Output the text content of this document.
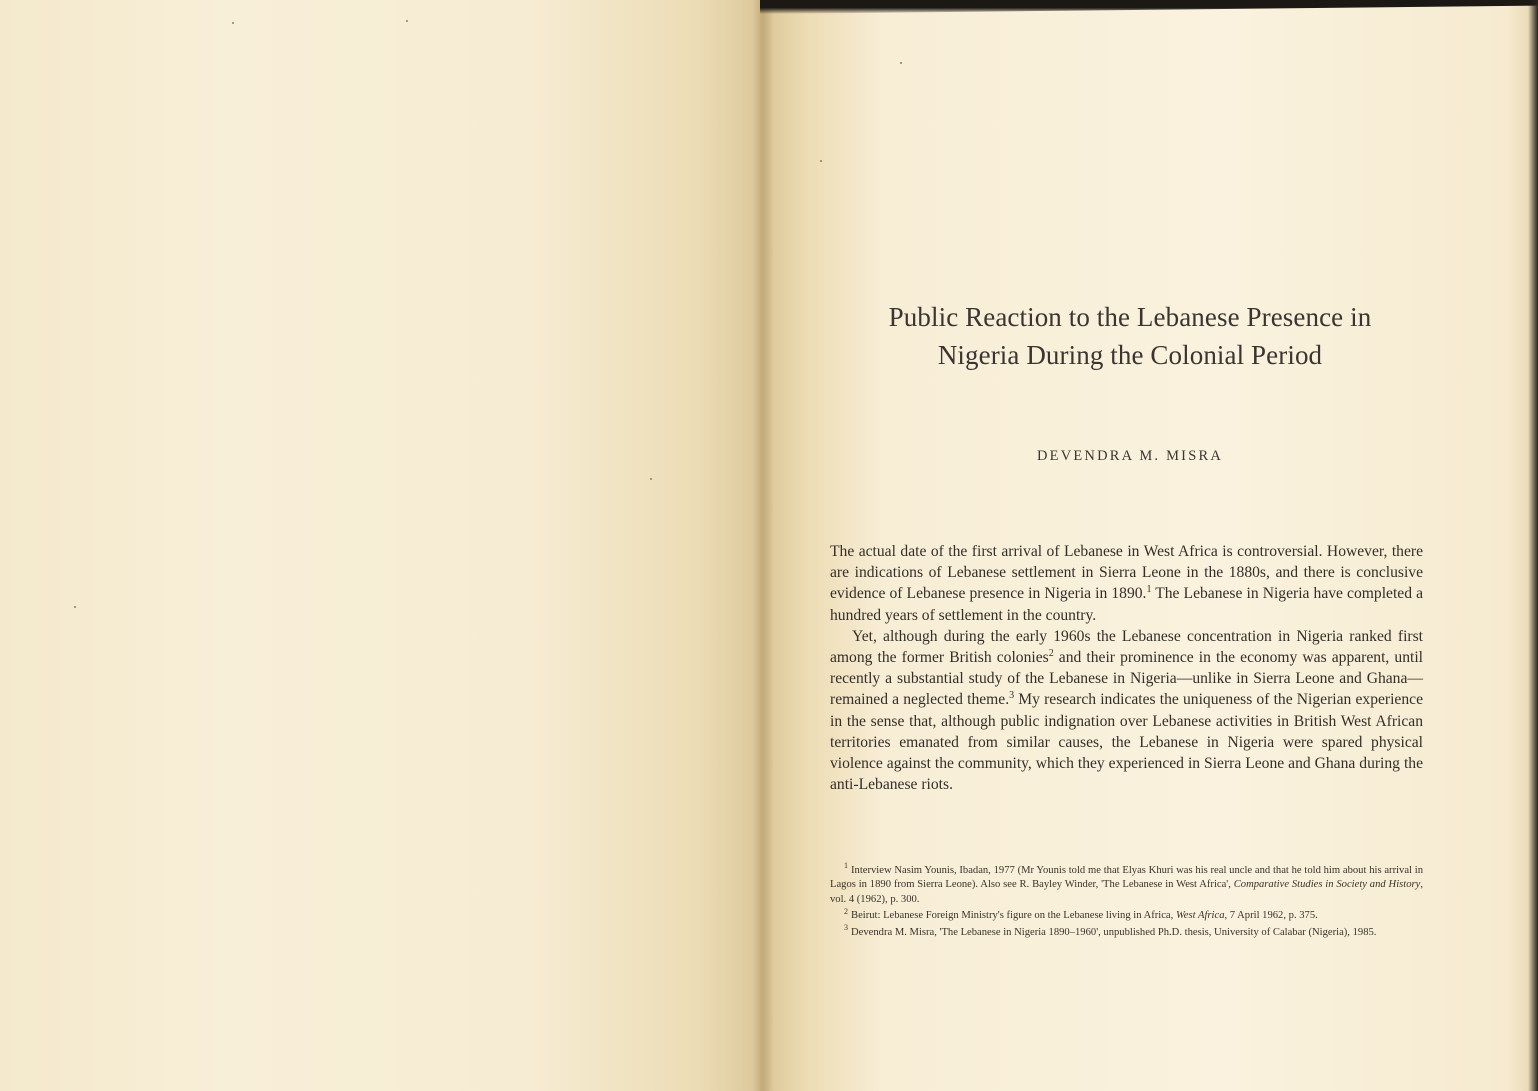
Public Reaction to the Lebanese Presence in
Nigeria During the Colonial Period
DEVENDRA M. MISRA

The actual date of the first arrival of Lebanese in West Africa is controversial. However, there are indications of Lebanese settlement in Sierra Leone in the 1880s, and there is conclusive evidence of Lebanese presence in Nigeria in 1890.$^1$ The Lebanese in Nigeria have completed a hundred years of settlement in the country.

Yet, although during the early 1960s the Lebanese concentration in Nigeria ranked first among the former British colonies$^2$ and their prominence in the economy was apparent, until recently a substantial study of the Lebanese in Nigeria—unlike in Sierra Leone and Ghana—remained a neglected theme.$^3$ My research indicates the uniqueness of the Nigerian experience in the sense that, although public indignation over Lebanese activities in British West African territories emanated from similar causes, the Lebanese in Nigeria were spared physical violence against the community, which they experienced in Sierra Leone and Ghana during the anti-Lebanese riots.

$^1$ Interview Nasim Younis, Ibadan, 1977 (Mr Younis told me that Elyas Khuri was his real uncle and that he told him about his arrival in Lagos in 1890 from Sierra Leone). Also see R. Bayley Winder, 'The Lebanese in West Africa', Comparative Studies in Society and History, vol. 4 (1962), p. 300.

$^2$ Beirut: Lebanese Foreign Ministry's figure on the Lebanese living in Africa, West Africa, 7 April 1962, p. 375.

$^3$ Devendra M. Misra, 'The Lebanese in Nigeria 1890–1960', unpublished Ph.D. thesis, University of Calabar (Nigeria), 1985.
